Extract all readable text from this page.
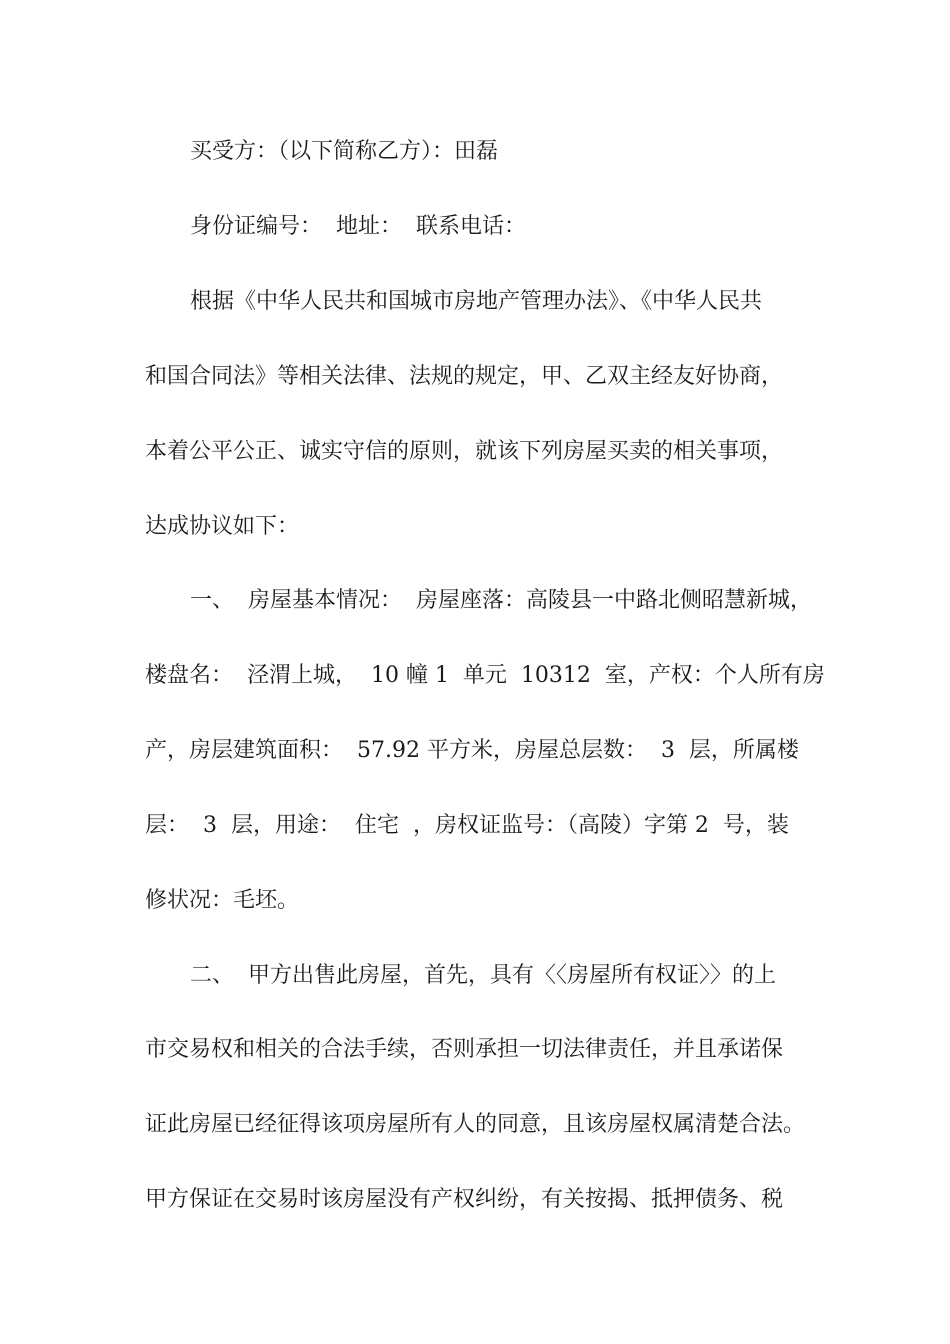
买受方：（以下简称乙方）：田磊

身份证编号：  地址：  联系电话：

根据《中华人民共和国城市房地产管理办法》、《中华人民共

和国合同法》等相关法律、法规的规定，甲、乙双主经友好协商，

本着公平公正、诚实守信的原则，就该下列房屋买卖的相关事项，

达成协议如下：

一、  房屋基本情况：  房屋座落：高陵县一中路北侧昭慧新城，

楼盘名：  泾渭上城，  10 幢 1  单元  10312  室，产权：个人所有房

产，房层建筑面积：  57.92 平方米，房屋总层数：  3  层，所属楼

层：  3  层，用途：  住宅  ，房权证监号：（高陵）字第 2  号，装

修状况：毛坯。

二、  甲方出售此房屋，首先，具有〈〈房屋所有权证〉〉的上

市交易权和相关的合法手续，否则承担一切法律责任，并且承诺保

证此房屋已经征得该项房屋所有人的同意，且该房屋权属清楚合法。

甲方保证在交易时该房屋没有产权纠纷，有关按揭、抵押债务、税
